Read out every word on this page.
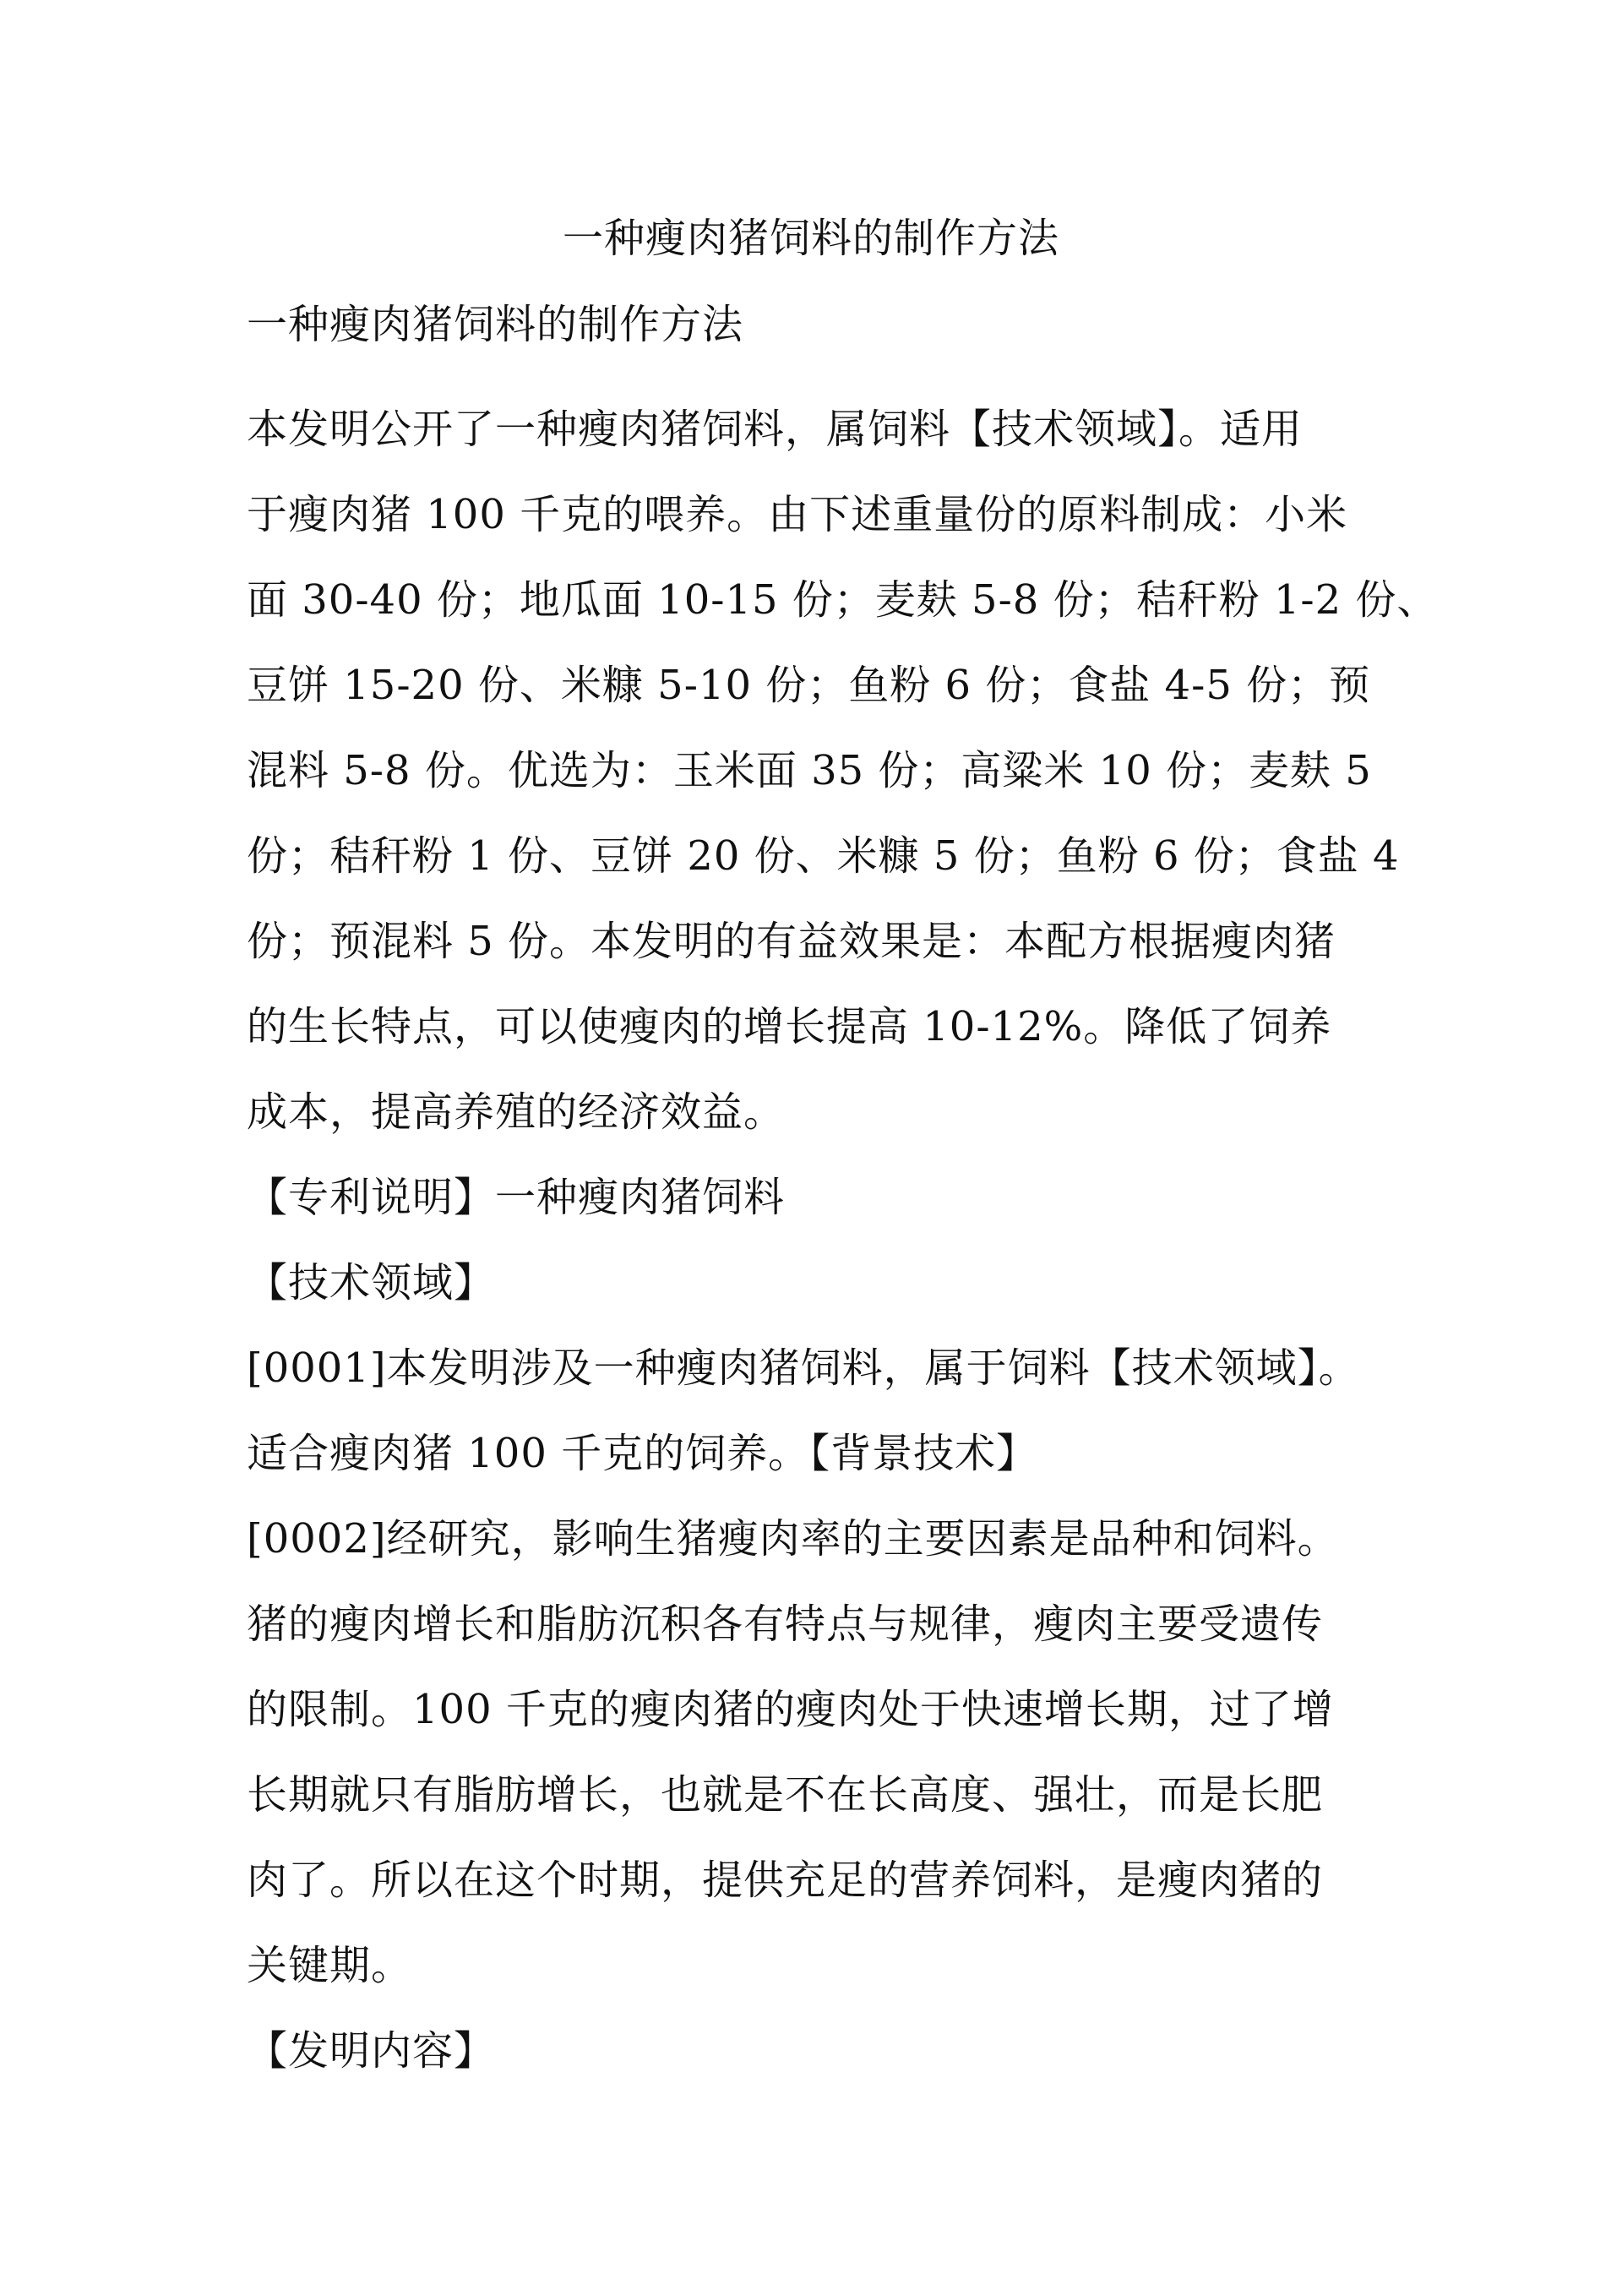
一种瘦肉猪饲料的制作方法

一种瘦肉猪饲料的制作方法

本发明公开了一种瘦肉猪饲料，属饲料【技术领域】。适用

于瘦肉猪 100 千克的喂养。由下述重量份的原料制成：小米

面 30-40 份；地瓜面 10-15 份；麦麸 5-8 份；秸秆粉 1-2 份、

豆饼 15-20 份、米糠 5-10 份；鱼粉 6 份；食盐 4-5 份；预

混料 5-8 份。优选为：玉米面 35 份；高粱米 10 份；麦麸 5

份；秸秆粉 1 份、豆饼 20 份、米糠 5 份；鱼粉 6 份；食盐 4

份；预混料 5 份。本发明的有益效果是：本配方根据瘦肉猪

的生长特点，可以使瘦肉的增长提高 10-12%。降低了饲养

成本，提高养殖的经济效益。

【专利说明】一种瘦肉猪饲料

【技术领域】

[0001]本发明涉及一种瘦肉猪饲料，属于饲料【技术领域】。

适合瘦肉猪 100 千克的饲养。【背景技术】

[0002]经研究，影响生猪瘦肉率的主要因素是品种和饲料。

猪的瘦肉增长和脂肪沉积各有特点与规律，瘦肉主要受遗传

的限制。100 千克的瘦肉猪的瘦肉处于快速增长期，过了增

长期就只有脂肪增长，也就是不在长高度、强壮，而是长肥

肉了。所以在这个时期，提供充足的营养饲料，是瘦肉猪的

关键期。

【发明内容】
